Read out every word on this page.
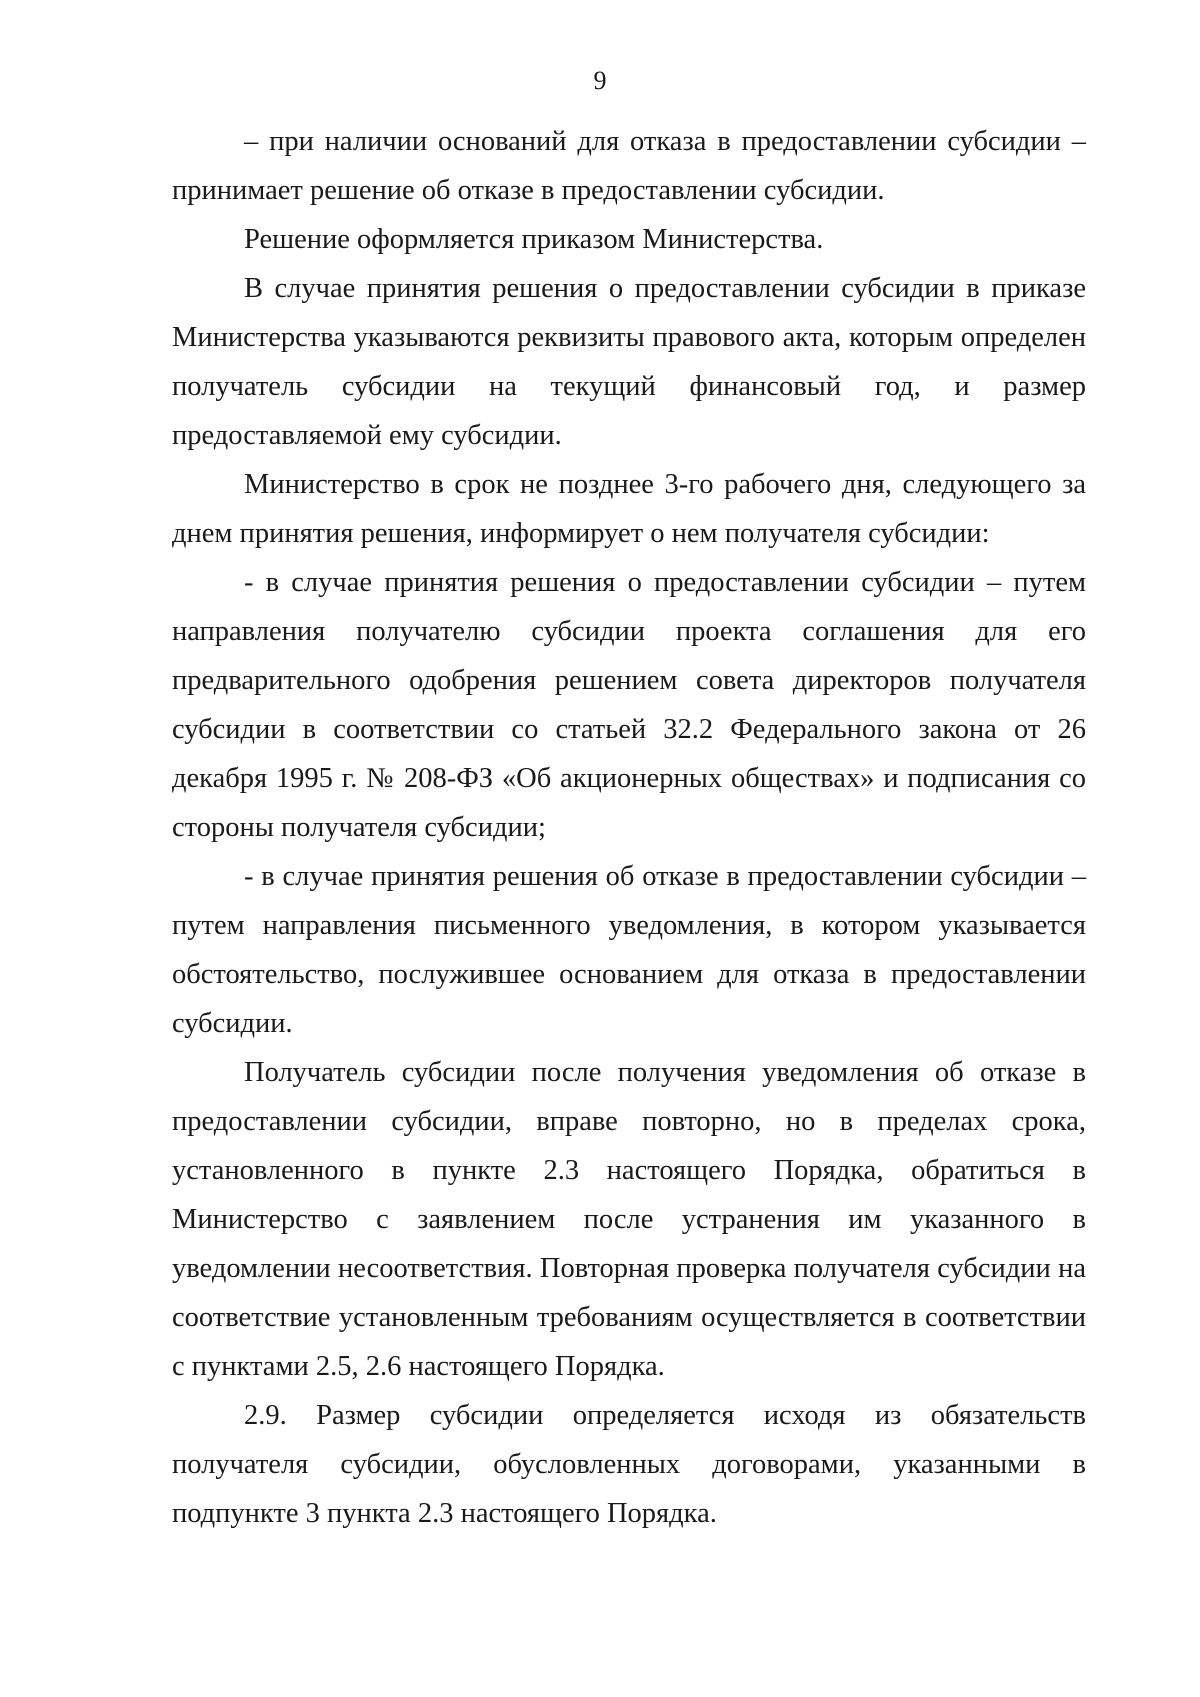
9

– при наличии оснований для отказа в предоставлении субсидии – принимает решение об отказе в предоставлении субсидии.

Решение оформляется приказом Министерства.

В случае принятия решения о предоставлении субсидии в приказе Министерства указываются реквизиты правового акта, которым определен получатель субсидии на текущий финансовый год, и размер предоставляемой ему субсидии.

Министерство в срок не позднее 3-го рабочего дня, следующего за днем принятия решения, информирует о нем получателя субсидии:

- в случае принятия решения о предоставлении субсидии – путем направления получателю субсидии проекта соглашения для его предварительного одобрения решением совета директоров получателя субсидии в соответствии со статьей 32.2 Федерального закона от 26 декабря 1995 г. № 208-ФЗ «Об акционерных обществах» и подписания со стороны получателя субсидии;

- в случае принятия решения об отказе в предоставлении субсидии – путем направления письменного уведомления, в котором указывается обстоятельство, послужившее основанием для отказа в предоставлении субсидии.

Получатель субсидии после получения уведомления об отказе в предоставлении субсидии, вправе повторно, но в пределах срока, установленного в пункте 2.3 настоящего Порядка, обратиться в Министерство с заявлением после устранения им указанного в уведомлении несоответствия. Повторная проверка получателя субсидии на соответствие установленным требованиям осуществляется в соответствии с пунктами 2.5, 2.6 настоящего Порядка.

2.9. Размер субсидии определяется исходя из обязательств получателя субсидии, обусловленных договорами, указанными в подпункте 3 пункта 2.3 настоящего Порядка.
